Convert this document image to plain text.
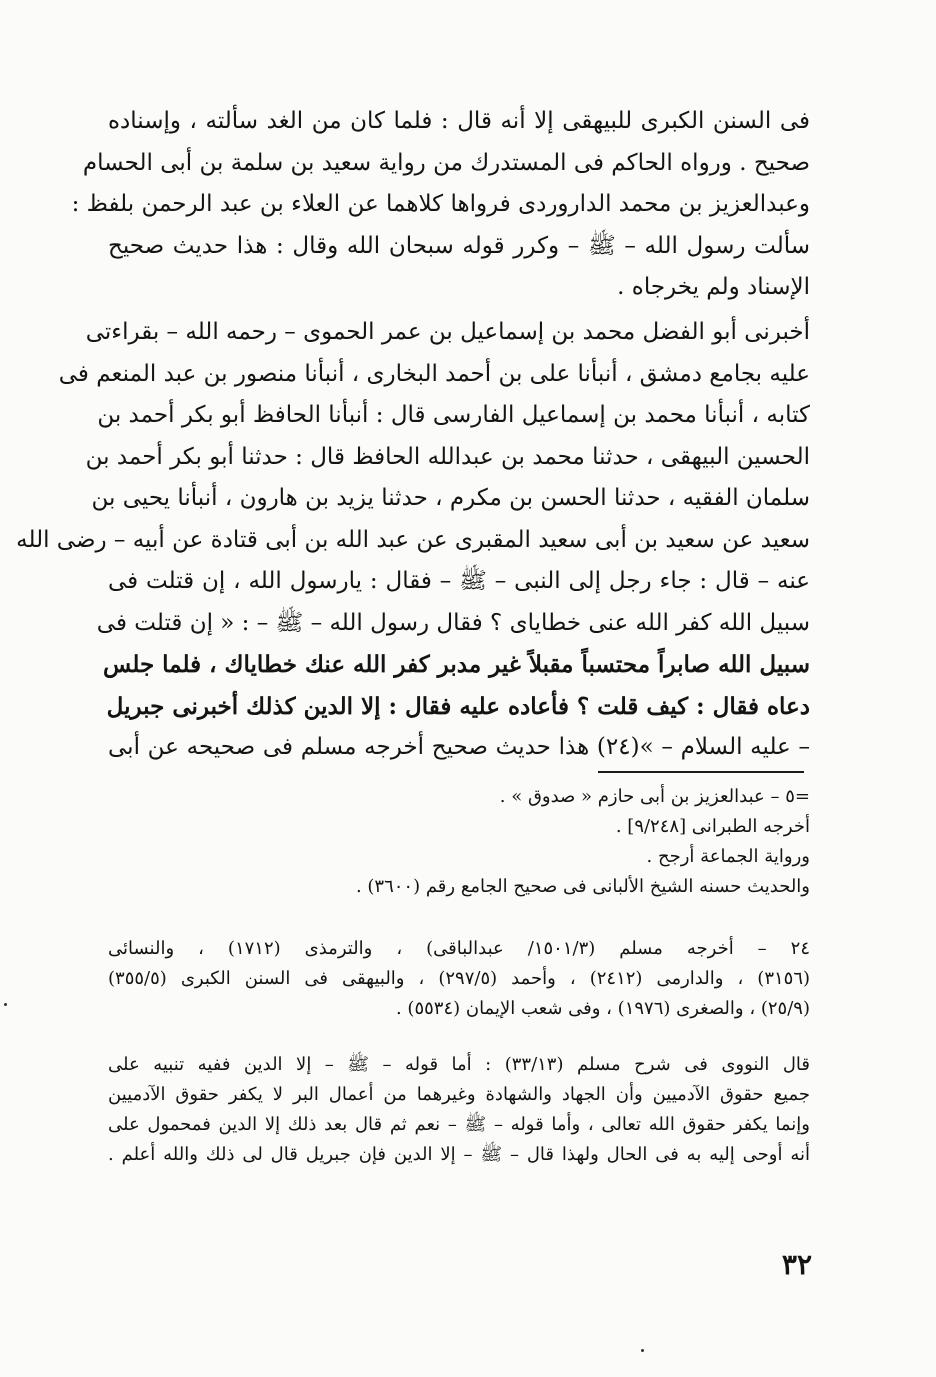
فى السنن الكبرى للبيهقى إلا أنه قال : فلما كان من الغد سألته ، وإسناده
صحيح . ورواه الحاكم فى المستدرك من رواية سعيد بن سلمة بن أبى الحسام
وعبدالعزيز بن محمد الداروردى فرواها كلاهما عن العلاء بن عبد الرحمن بلفظ :
سألت رسول الله – ﷺ – وكرر قوله سبحان الله وقال : هذا حديث صحيح
الإسناد ولم يخرجاه .
أخبرنى أبو الفضل محمد بن إسماعيل بن عمر الحموى – رحمه الله – بقراءتى
عليه بجامع دمشق ، أنبأنا على بن أحمد البخارى ، أنبأنا منصور بن عبد المنعم فى
كتابه ، أنبأنا محمد بن إسماعيل الفارسى قال : أنبأنا الحافظ أبو بكر أحمد بن
الحسين البيهقى ، حدثنا محمد بن عبدالله الحافظ قال : حدثنا أبو بكر أحمد بن
سلمان الفقيه ، حدثنا الحسن بن مكرم ، حدثنا يزيد بن هارون ، أنبأنا يحيى بن
سعيد عن سعيد بن أبى سعيد المقبرى عن عبد الله بن أبى قتادة عن أبيه – رضى الله
عنه – قال : جاء رجل إلى النبى – ﷺ – فقال : يارسول الله ، إن قتلت فى
سبيل الله كفر الله عنى خطاياى ؟ فقال رسول الله – ﷺ – : « إن قتلت فى
سبيل الله صابراً محتسباً مقبلاً غير مدبر كفر الله عنك خطاياك ، فلما جلس
دعاه فقال : كيف قلت ؟ فأعاده عليه فقال : إلا الدين كذلك أخبرنى جبريل
– عليه السلام – »(٢٤) هذا حديث صحيح أخرجه مسلم فى صحيحه عن أبى
=٥ – عبدالعزيز بن أبى حازم « صدوق » .
أخرجه الطبرانى [٩/٢٤٨] .
ورواية الجماعة أرجح .
والحديث حسنه الشيخ الألبانى فى صحيح الجامع رقم (٣٦٠٠) .
٢٤ – أخرجه مسلم (١٥٠١/٣/ عبدالباقى) ، والترمذى (١٧١٢) ، والنسائى
(٣١٥٦) ، والدارمى (٢٤١٢) ، وأحمد (٢٩٧/٥) ، والبيهقى فى السنن الكبرى (٣٥٥/٥)
(٢٥/٩) ، والصغرى (١٩٧٦) ، وفى شعب الإيمان (٥٥٣٤) .
قال النووى فى شرح مسلم (٣٣/١٣) : أما قوله – ﷺ – إلا الدين ففيه تنبيه على
جميع حقوق الآدميين وأن الجهاد والشهادة وغيرهما من أعمال البر لا يكفر حقوق الآدميين
وإنما يكفر حقوق الله تعالى ، وأما قوله – ﷺ – نعم ثم قال بعد ذلك إلا الدين فمحمول على
أنه أوحى إليه به فى الحال ولهذا قال – ﷺ – إلا الدين فإن جبريل قال لى ذلك والله أعلم .
٣٢
